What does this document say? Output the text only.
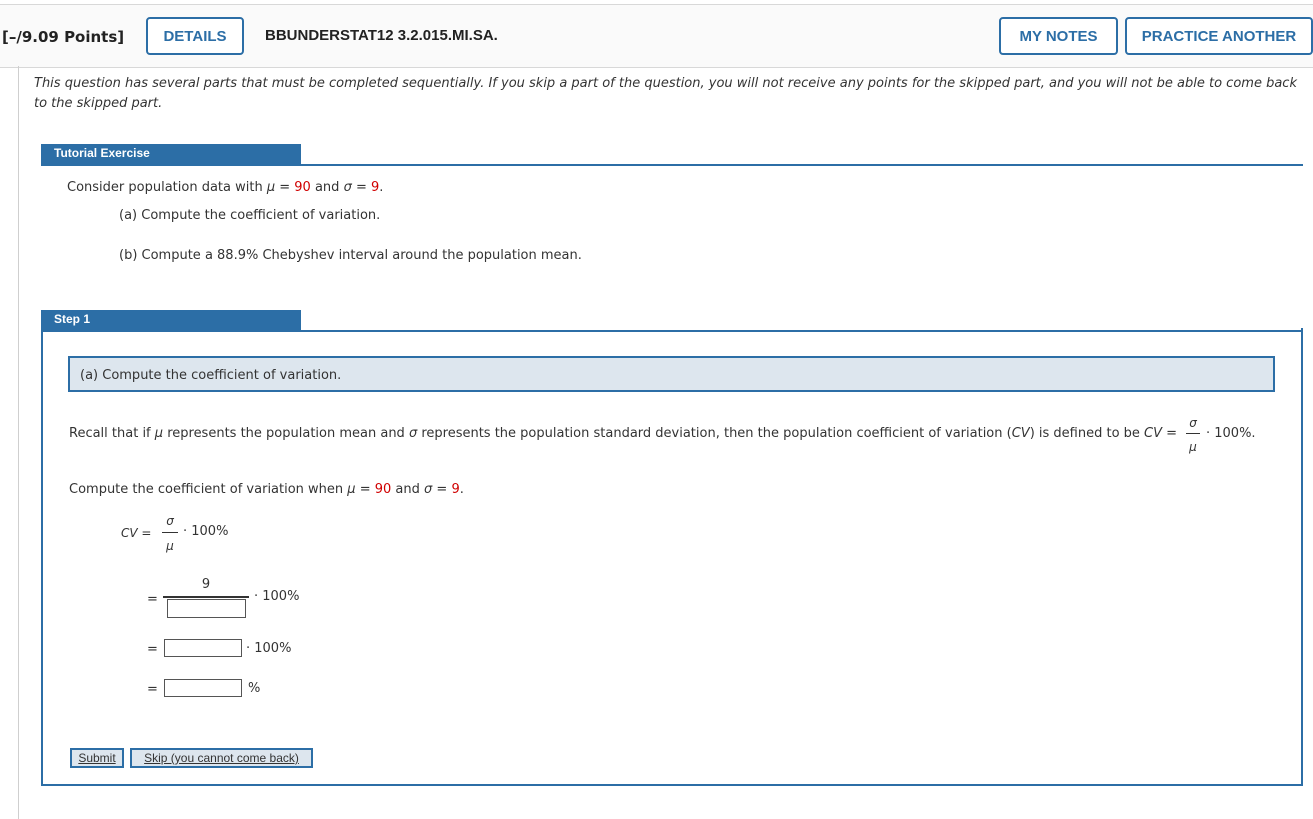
[–/9.09 Points]	DETAILS	BBUNDERSTAT12 3.2.015.MI.SA.	MY NOTES	PRACTICE ANOTHER
This question has several parts that must be completed sequentially. If you skip a part of the question, you will not receive any points for the skipped part, and you will not be able to come back to the skipped part.
Tutorial Exercise
Consider population data with μ = 90 and σ = 9.
(a) Compute the coefficient of variation.
(b) Compute a 88.9% Chebyshev interval around the population mean.
Step 1
(a) Compute the coefficient of variation.
Recall that if μ represents the population mean and σ represents the population standard deviation, then the population coefficient of variation (CV) is defined to be CV =
σ
μ
· 100%.
Compute the coefficient of variation when μ = 90 and σ = 9.
CV =
σ
μ
· 100%
=
9
· 100%
=	· 100%
=	%
Submit	Skip (you cannot come back)
